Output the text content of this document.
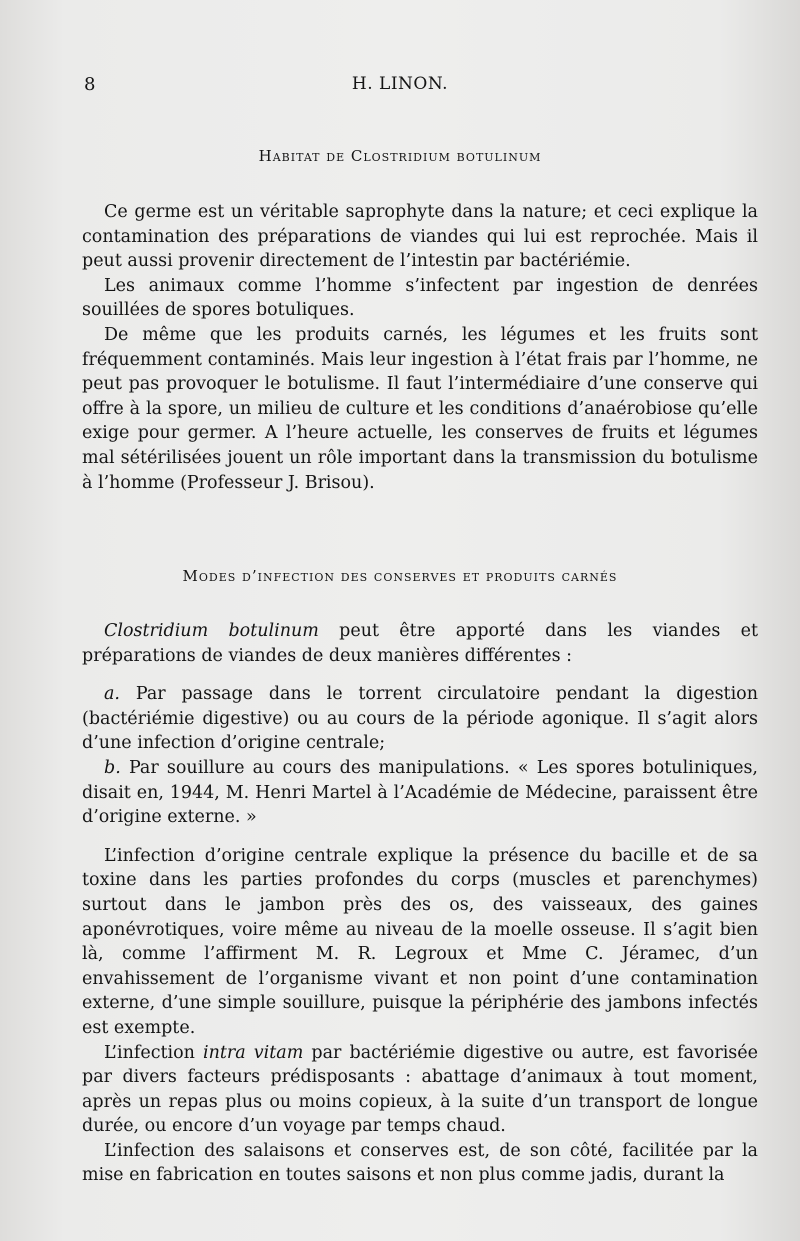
8	H. LINON.
Habitat de Clostridium botulinum

Ce germe est un véritable saprophyte dans la nature; et ceci explique la contamination des préparations de viandes qui lui est reprochée. Mais il peut aussi provenir directement de l’intestin par bactériémie.

Les animaux comme l’homme s’infectent par ingestion de denrées souillées de spores botuliques.

De même que les produits carnés, les légumes et les fruits sont fréquemment contaminés. Mais leur ingestion à l’état frais par l’homme, ne peut pas provoquer le botulisme. Il faut l’intermédiaire d’une conserve qui offre à la spore, un milieu de culture et les conditions d’anaérobiose qu’elle exige pour germer. A l’heure actuelle, les conserves de fruits et légumes mal sétérilisées jouent un rôle important dans la transmission du botulisme à l’homme (Professeur J. Brisou).

Modes d’infection des conserves et produits carnés

Clostridium botulinum peut être apporté dans les viandes et préparations de viandes de deux manières différentes :

a. Par passage dans le torrent circulatoire pendant la digestion (bactériémie digestive) ou au cours de la période agonique. Il s’agit alors d’une infection d’origine centrale;

b. Par souillure au cours des manipulations. « Les spores botuliniques, disait en, 1944, M. Henri Martel à l’Académie de Médecine, paraissent être d’origine externe. »

L’infection d’origine centrale explique la présence du bacille et de sa toxine dans les parties profondes du corps (muscles et parenchymes) surtout dans le jambon près des os, des vaisseaux, des gaines aponévrotiques, voire même au niveau de la moelle osseuse. Il s’agit bien là, comme l’affirment M. R. Legroux et Mme C. Jéramec, d’un envahissement de l’organisme vivant et non point d’une contamination externe, d’une simple souillure, puisque la périphérie des jambons infectés est exempte.

L’infection intra vitam par bactériémie digestive ou autre, est favorisée par divers facteurs prédisposants : abattage d’animaux à tout moment, après un repas plus ou moins copieux, à la suite d’un transport de longue durée, ou encore d’un voyage par temps chaud.

L’infection des salaisons et conserves est, de son côté, facilitée par la mise en fabrication en toutes saisons et non plus comme jadis, durant la
